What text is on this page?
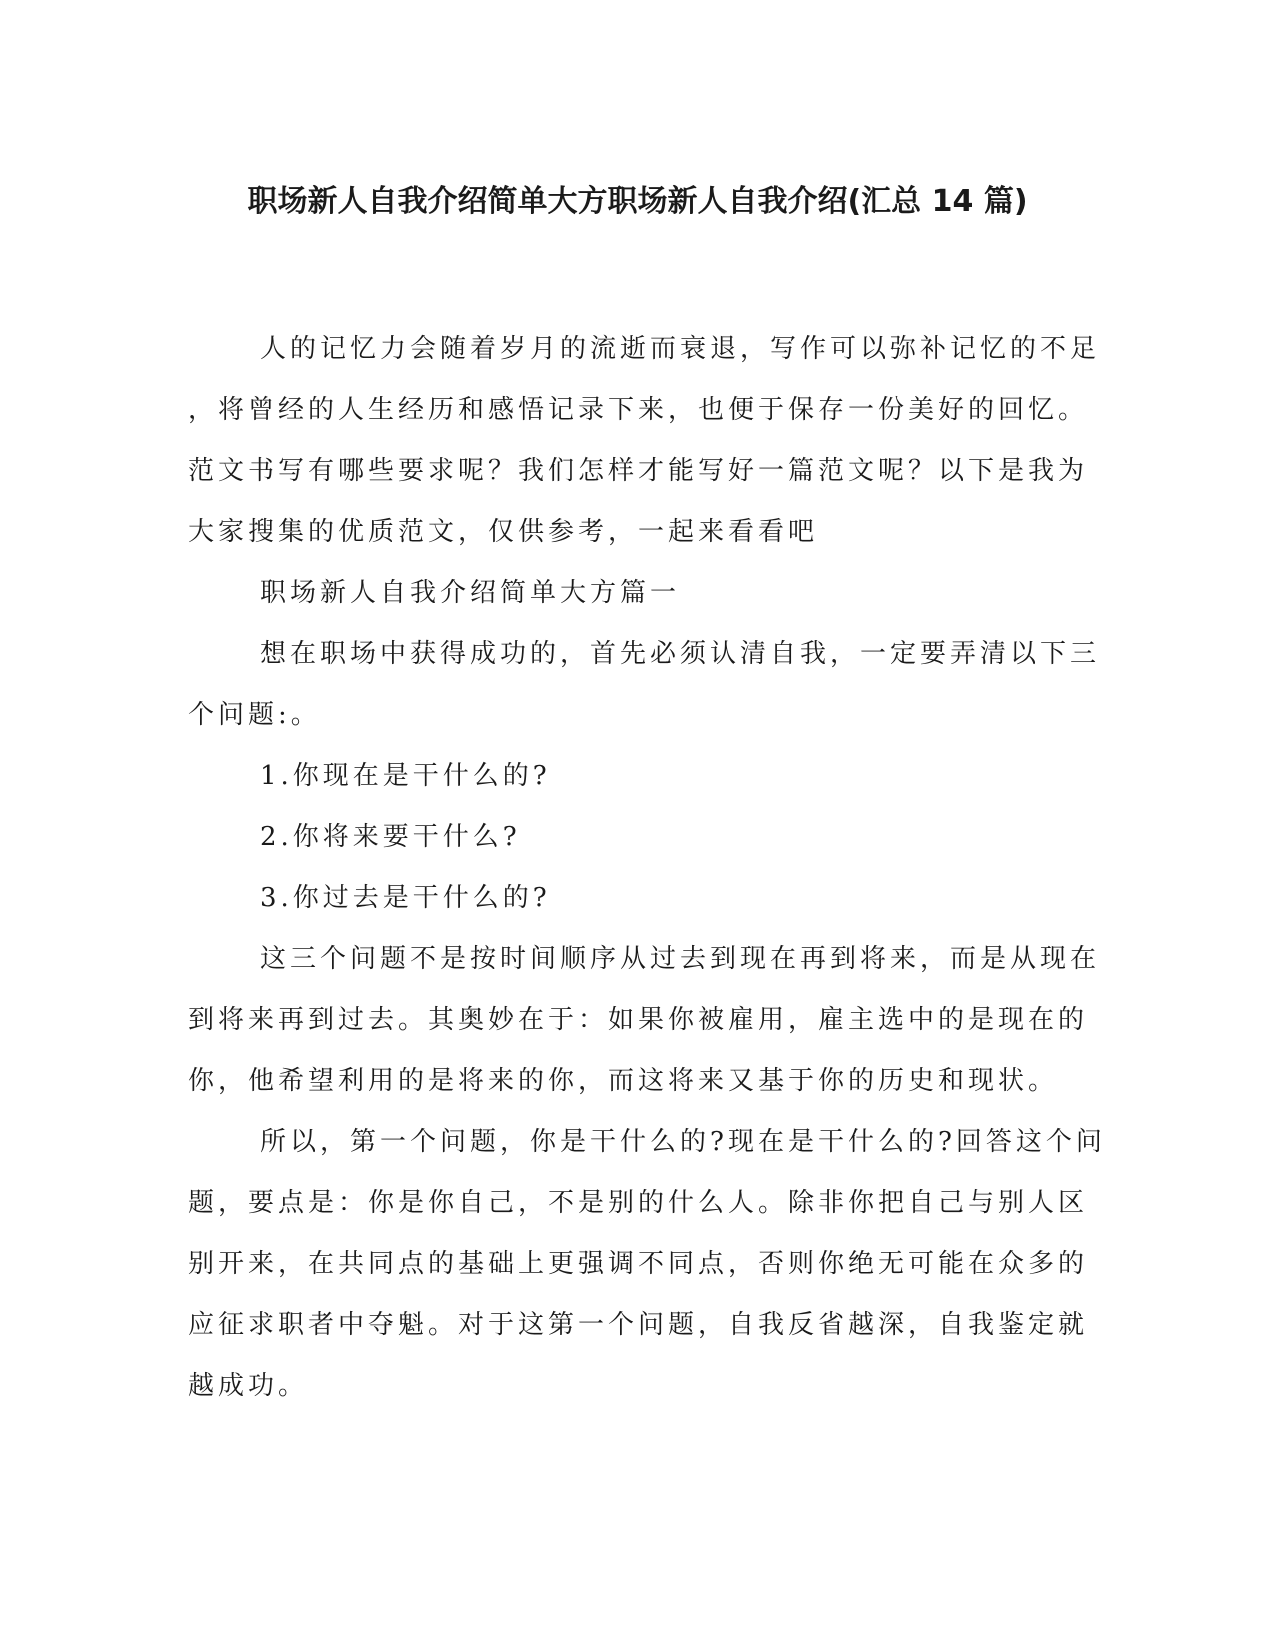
职场新人自我介绍简单大方职场新人自我介绍(汇总 14 篇)
人的记忆力会随着岁月的流逝而衰退，写作可以弥补记忆的不足
，将曾经的人生经历和感悟记录下来，也便于保存一份美好的回忆。
范文书写有哪些要求呢？我们怎样才能写好一篇范文呢？以下是我为
大家搜集的优质范文，仅供参考，一起来看看吧
职场新人自我介绍简单大方篇一
想在职场中获得成功的，首先必须认清自我，一定要弄清以下三
个问题:。
1.你现在是干什么的?
2.你将来要干什么?
3.你过去是干什么的?
这三个问题不是按时间顺序从过去到现在再到将来，而是从现在
到将来再到过去。其奥妙在于：如果你被雇用，雇主选中的是现在的
你，他希望利用的是将来的你，而这将来又基于你的历史和现状。
所以，第一个问题，你是干什么的?现在是干什么的?回答这个问
题，要点是：你是你自己，不是别的什么人。除非你把自己与别人区
别开来，在共同点的基础上更强调不同点，否则你绝无可能在众多的
应征求职者中夺魁。对于这第一个问题，自我反省越深，自我鉴定就
越成功。
